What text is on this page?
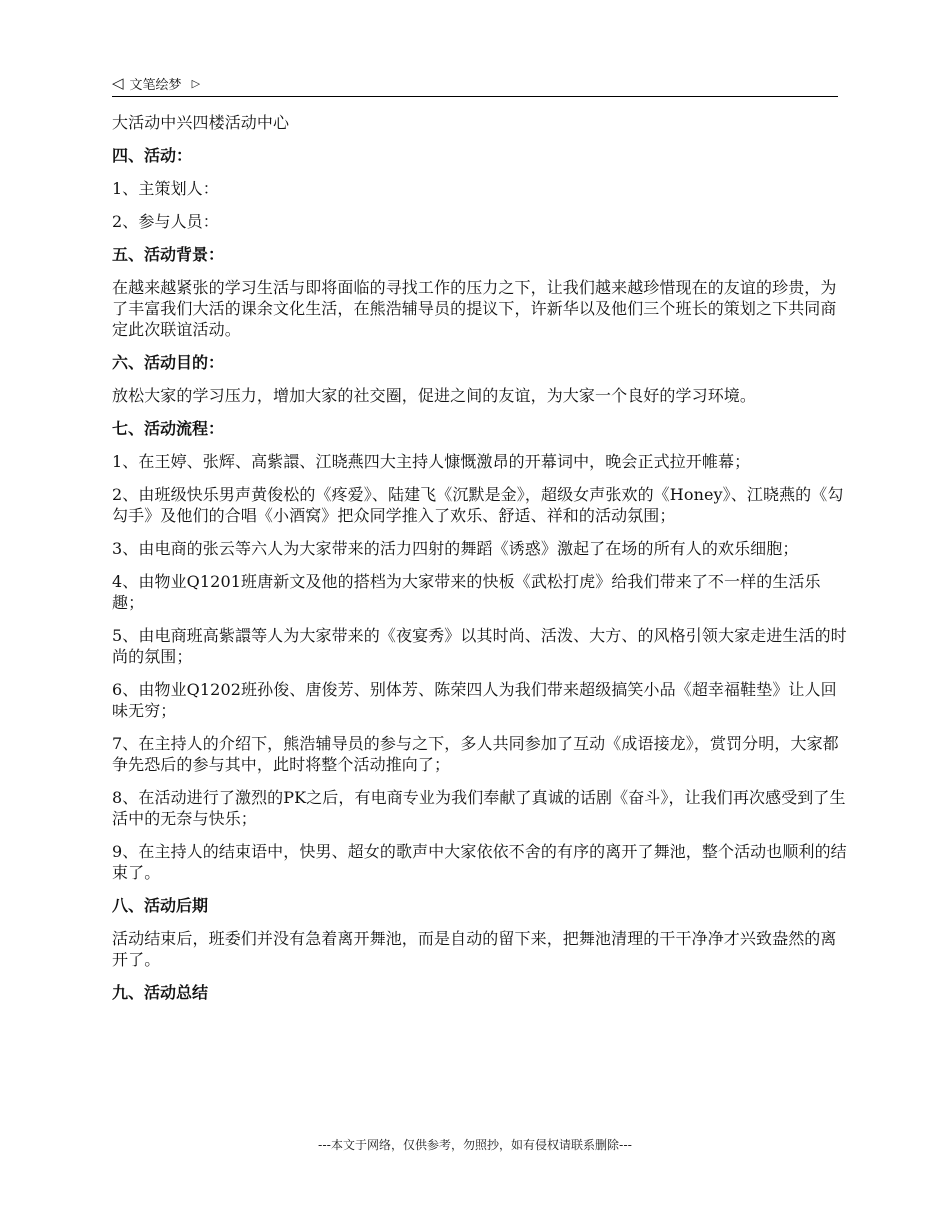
◁ 文笔绘梦 ▷

大活动中兴四楼活动中心

四、活动：

1、主策划人：

2、参与人员：

五、活动背景：

在越来越紧张的学习生活与即将面临的寻找工作的压力之下，让我们越来越珍惜现在的友谊的珍贵，为了丰富我们大活的课余文化生活，在熊浩辅导员的提议下，许新华以及他们三个班长的策划之下共同商定此次联谊活动。

六、活动目的：

放松大家的学习压力，增加大家的社交圈，促进之间的友谊，为大家一个良好的学习环境。

七、活动流程：

1、在王婷、张辉、高紫譞、江晓燕四大主持人慷慨激昂的开幕词中，晚会正式拉开帷幕；

2、由班级快乐男声黄俊松的《疼爱》、陆建飞《沉默是金》，超级女声张欢的《Honey》、江晓燕的《勾勾手》及他们的合唱《小酒窝》把众同学推入了欢乐、舒适、祥和的活动氛围；

3、由电商的张云等六人为大家带来的活力四射的舞蹈《诱惑》激起了在场的所有人的欢乐细胞；

4、由物业Q1201班唐新文及他的搭档为大家带来的快板《武松打虎》给我们带来了不一样的生活乐趣；

5、由电商班高紫譞等人为大家带来的《夜宴秀》以其时尚、活泼、大方、的风格引领大家走进生活的时尚的氛围；

6、由物业Q1202班孙俊、唐俊芳、别体芳、陈荣四人为我们带来超级搞笑小品《超幸福鞋垫》让人回味无穷；

7、在主持人的介绍下，熊浩辅导员的参与之下，多人共同参加了互动《成语接龙》，赏罚分明，大家都争先恐后的参与其中，此时将整个活动推向了；

8、在活动进行了激烈的PK之后，有电商专业为我们奉献了真诚的话剧《奋斗》，让我们再次感受到了生活中的无奈与快乐；

9、在主持人的结束语中，快男、超女的歌声中大家依依不舍的有序的离开了舞池，整个活动也顺利的结束了。

八、活动后期

活动结束后，班委们并没有急着离开舞池，而是自动的留下来，把舞池清理的干干净净才兴致盎然的离开了。

九、活动总结

---本文于网络，仅供参考，勿照抄，如有侵权请联系删除---
